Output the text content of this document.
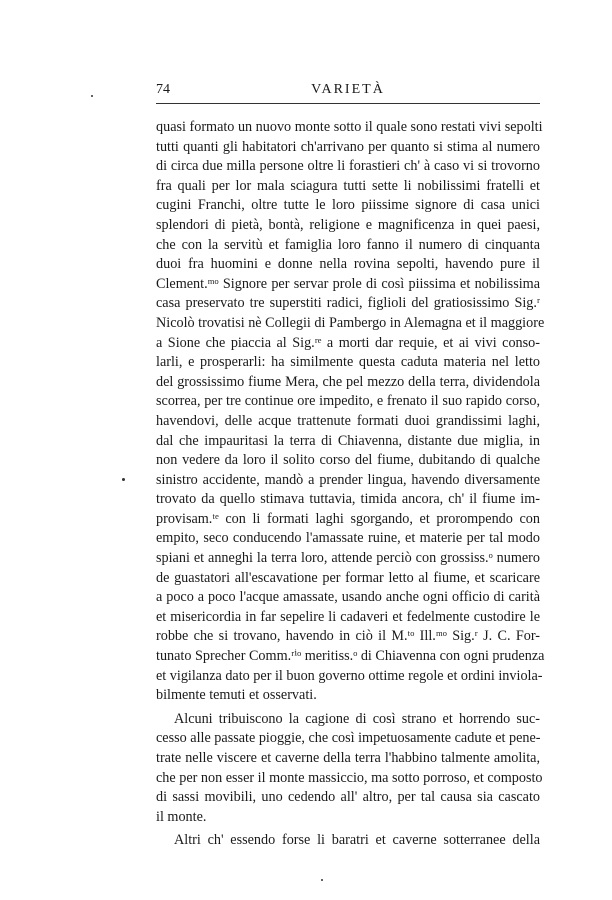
74	VARIETÀ
quasi formato un nuovo monte sotto il quale sono restati vivi sepolti
tutti quanti gli habitatori ch'arrivano per quanto si stima al numero
di circa due milla persone oltre li forastieri ch' à caso vi si trovorno
fra quali per lor mala sciagura tutti sette li nobilissimi fratelli et
cugini Franchi, oltre tutte le loro piissime signore di casa unici
splendori di pietà, bontà, religione e magnificenza in quei paesi,
che con la servitù et famiglia loro fanno il numero di cinquanta
duoi fra huomini e donne nella rovina sepolti, havendo pure il
Clement.ᵐᵒ Signore per servar prole di così piissima et nobilissima
casa preservato tre superstiti radici, figlioli del gratiosissimo Sig.ʳ
Nicolò trovatisi nè Collegii di Pambergo in Alemagna et il maggiore
a Sione che piaccia al Sig.ʳᵉ a morti dar requie, et ai vivi conso-
larli, e prosperarli: ha similmente questa caduta materia nel letto
del grossissimo fiume Mera, che pel mezzo della terra, dividendola
scorrea, per tre continue ore impedito, e frenato il suo rapido corso,
havendovi, delle acque trattenute formati duoi grandissimi laghi,
dal che impauritasi la terra di Chiavenna, distante due miglia, in
non vedere da loro il solito corso del fiume, dubitando di qualche
sinistro accidente, mandò a prender lingua, havendo diversamente
trovato da quello stimava tuttavia, timida ancora, ch' il fiume im-
provisam.ᵗᵉ con li formati laghi sgorgando, et prorompendo con
empito, seco conducendo l'amassate ruine, et materie per tal modo
spiani et anneghi la terra loro, attende perciò con grossiss.ᵒ numero
de guastatori all'escavatione per formar letto al fiume, et scaricare
a poco a poco l'acque amassate, usando anche ogni officio di carità
et misericordia in far sepelire li cadaveri et fedelmente custodire le
robbe che si trovano, havendo in ciò il M.ᵗᵒ Ill.ᵐᵒ Sig.ʳ J. C. For-
tunato Sprecher Comm.ʳⁱᵒ meritiss.ᵒ di Chiavenna con ogni prudenza
et vigilanza dato per il buon governo ottime regole et ordini inviola-
bilmente temuti et osservati.
Alcuni tribuiscono la cagione di così strano et horrendo suc-
cesso alle passate pioggie, che così impetuosamente cadute et pene-
trate nelle viscere et caverne della terra l'habbino talmente amolita,
che per non esser il monte massiccio, ma sotto porroso, et composto
di sassi movibili, uno cedendo all' altro, per tal causa sia cascato
il monte.
Altri ch' essendo forse li baratri et caverne sotterranee della
